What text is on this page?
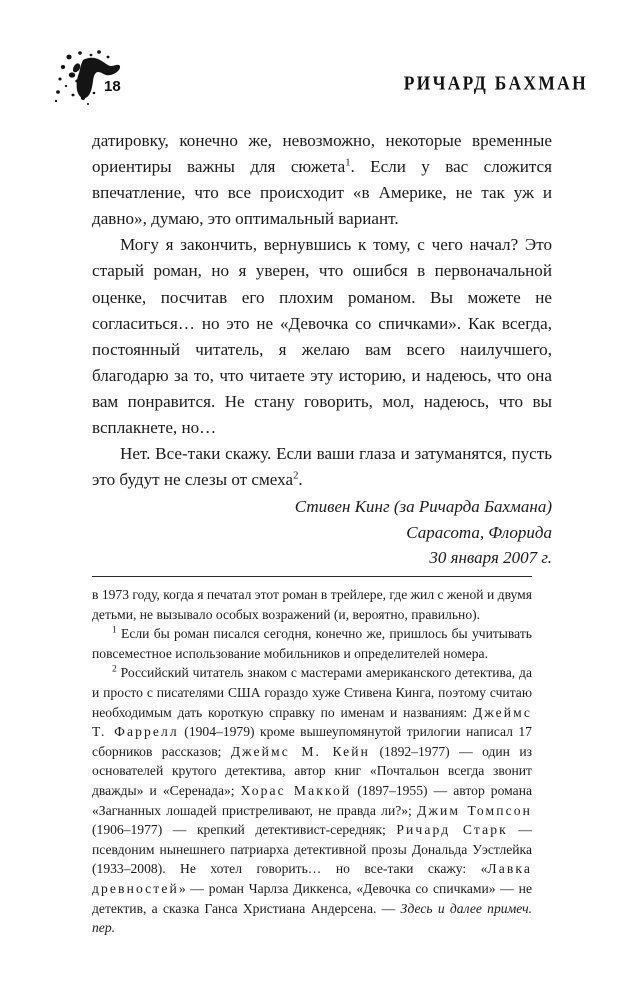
18	РИЧАРД БАХМАН

датировку, конечно же, невозможно, некоторые временные ориентиры важны для сюжета$^1$. Если у вас сложится впечатление, что все происходит «в Америке, не так уж и давно», думаю, это оптимальный вариант.

Могу я закончить, вернувшись к тому, с чего начал? Это старый роман, но я уверен, что ошибся в первоначальной оценке, посчитав его плохим романом. Вы можете не согласиться… но это не «Девочка со спичками». Как всегда, постоянный читатель, я желаю вам всего наилучшего, благодарю за то, что читаете эту историю, и надеюсь, что она вам понравится. Не стану говорить, мол, надеюсь, что вы всплакнете, но…

Нет. Все-таки скажу. Если ваши глаза и затуманятся, пусть это будут не слезы от смеха$^2$.

Стивен Кинг (за Ричарда Бахмана)
Сарасота, Флорида
30 января 2007 г.

в 1973 году, когда я печатал этот роман в трейлере, где жил с женой и двумя детьми, не вызывало особых возражений (и, вероятно, правильно).

$^1$ Если бы роман писался сегодня, конечно же, пришлось бы учитывать повсеместное использование мобильников и определителей номера.

$^2$ Российский читатель знаком с мастерами американского детектива, да и просто с писателями США гораздо хуже Стивена Кинга, поэтому считаю необходимым дать короткую справку по именам и названиям: Джеймс Т. Фаррелл (1904–1979) кроме вышеупомянутой трилогии написал 17 сборников рассказов; Джеймс М. Кейн (1892–1977) — один из основателей крутого детектива, автор книг «Почтальон всегда звонит дважды» и «Серенада»; Хорас Маккой (1897–1955) — автор романа «Загнанных лошадей пристреливают, не правда ли?»; Джим Томпсон (1906–1977) — крепкий детективист-середняк; Ричард Старк — псевдоним нынешнего патриарха детективной прозы Дональда Уэстлейка (1933–2008). Не хотел говорить… но все-таки скажу: «Лавка древностей» — роман Чарлза Диккенса, «Девочка со спичками» — не детектив, а сказка Ганса Христиана Андерсена. — Здесь и далее примеч. пер.
